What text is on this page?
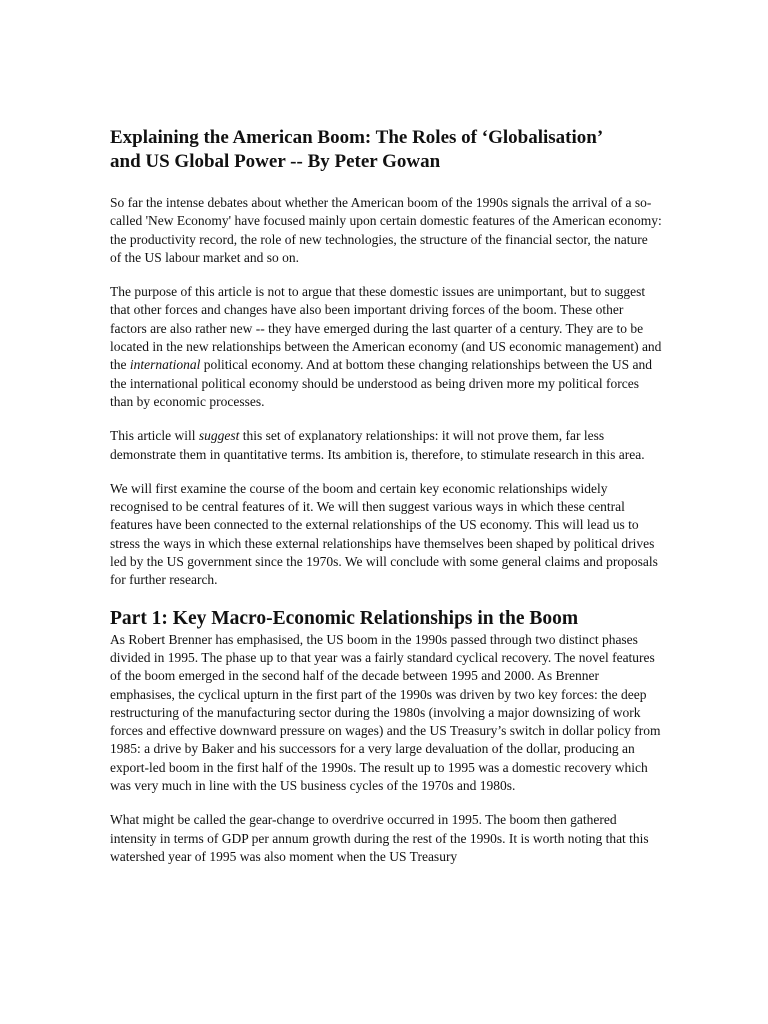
Explaining the American Boom: The Roles of ‘Globalisation’
and US Global Power -- By Peter Gowan

So far the intense debates about whether the American boom of the 1990s signals the arrival of a so-called 'New Economy' have focused mainly upon certain domestic features of the American economy: the productivity record, the role of new technologies, the structure of the financial sector, the nature of the US labour market and so on.

The purpose of this article is not to argue that these domestic issues are unimportant, but to suggest that other forces and changes have also been important driving forces of the boom. These other factors are also rather new -- they have emerged during the last quarter of a century. They are to be located in the new relationships between the American economy (and US economic management) and the international political economy. And at bottom these changing relationships between the US and the international political economy should be understood as being driven more my political forces than by economic processes.

This article will suggest this set of explanatory relationships: it will not prove them, far less demonstrate them in quantitative terms. Its ambition is, therefore, to stimulate research in this area.

We will first examine the course of the boom and certain key economic relationships widely recognised to be central features of it. We will then suggest various ways in which these central features have been connected to the external relationships of the US economy. This will lead us to stress the ways in which these external relationships have themselves been shaped by political drives led by the US government since the 1970s. We will conclude with some general claims and proposals for further research.

Part 1: Key Macro-Economic Relationships in the Boom

As Robert Brenner has emphasised, the US boom in the 1990s passed through two distinct phases divided in 1995. The phase up to that year was a fairly standard cyclical recovery. The novel features of the boom emerged in the second half of the decade between 1995 and 2000. As Brenner emphasises, the cyclical upturn in the first part of the 1990s was driven by two key forces: the deep restructuring of the manufacturing sector during the 1980s (involving a major downsizing of work forces and effective downward pressure on wages) and the US Treasury’s switch in dollar policy from 1985: a drive by Baker and his successors for a very large devaluation of the dollar, producing an export-led boom in the first half of the 1990s. The result up to 1995 was a domestic recovery which was very much in line with the US business cycles of the 1970s and 1980s.

What might be called the gear-change to overdrive occurred in 1995. The boom then gathered intensity in terms of GDP per annum growth during the rest of the 1990s. It is worth noting that this watershed year of 1995 was also moment when the US Treasury
